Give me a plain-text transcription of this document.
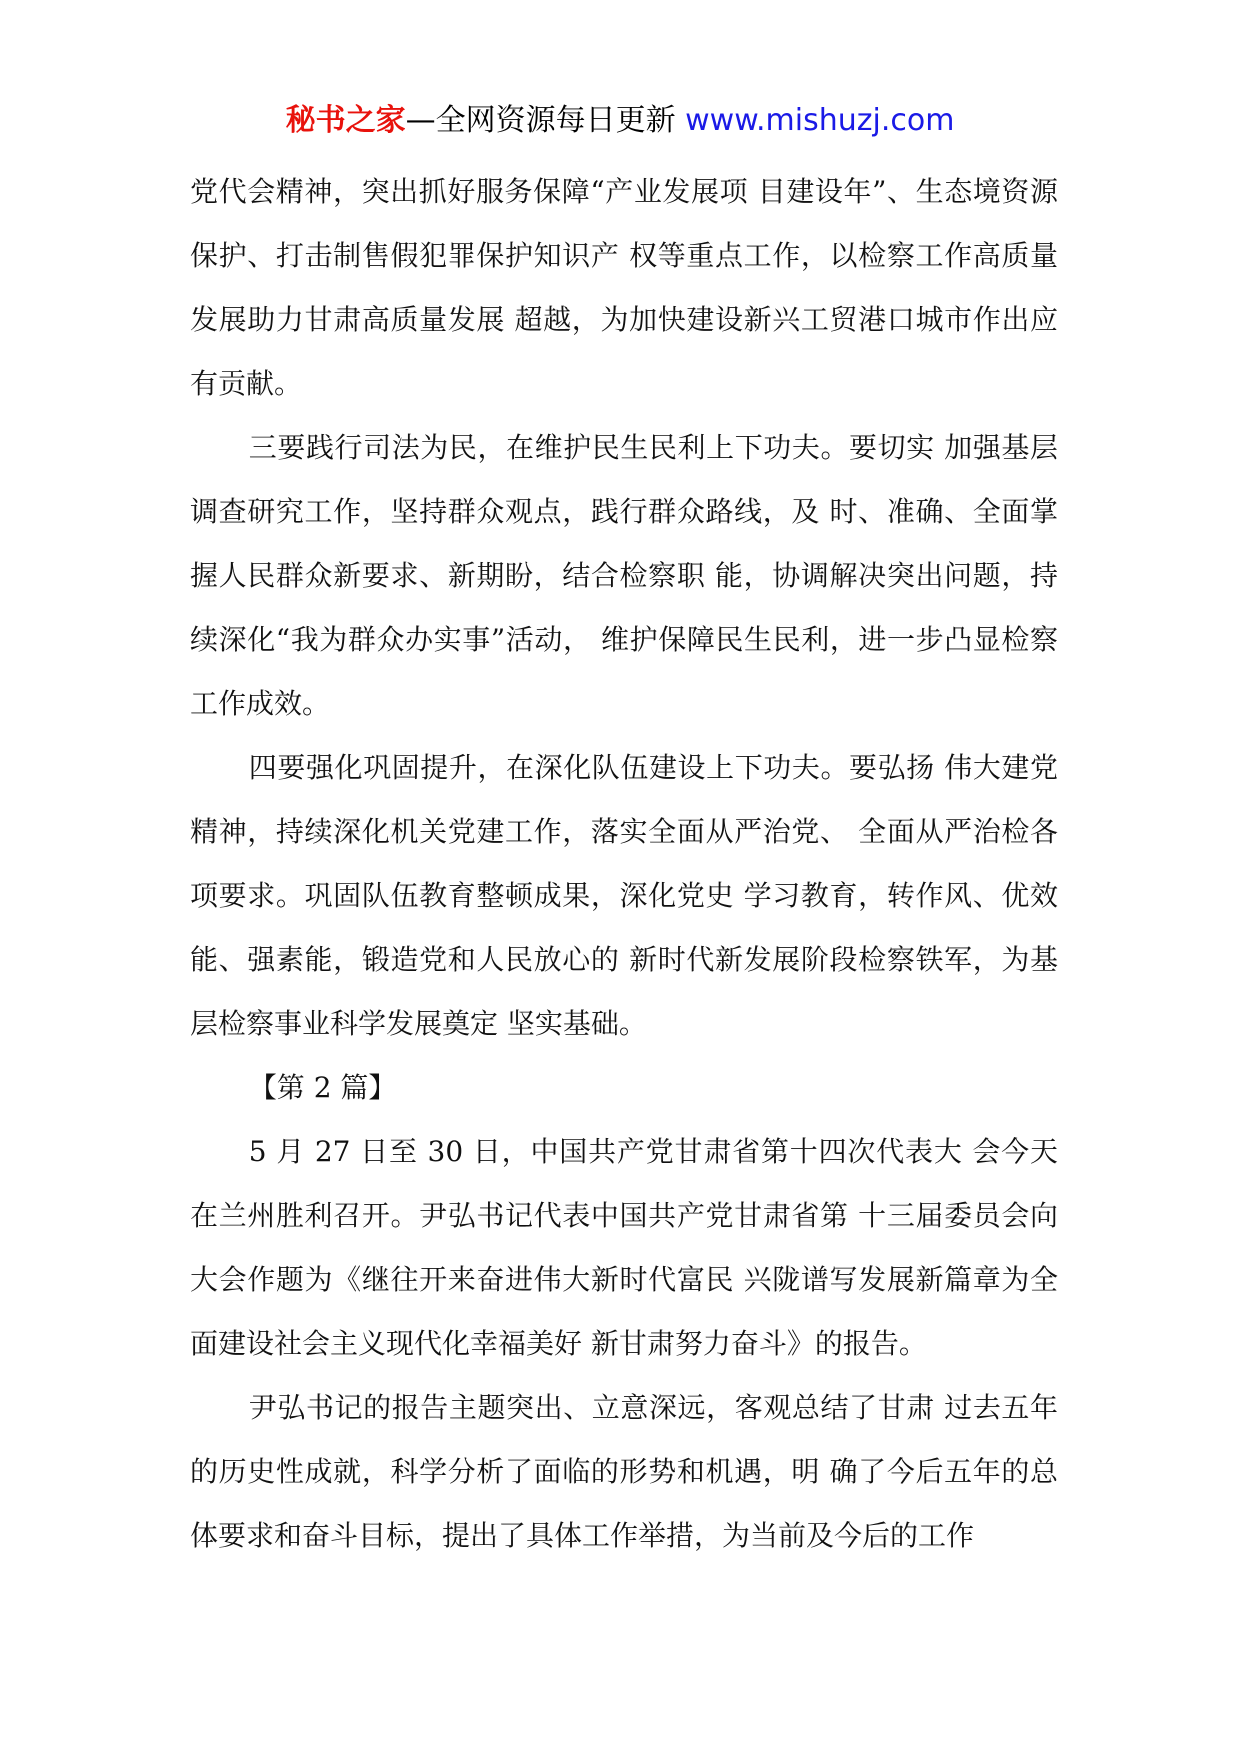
秘书之家—全网资源每日更新 www.mishuzj.com

党代会精神，突出抓好服务保障“产业发展项 目建设年”、生态境资源保护、打击制售假犯罪保护知识产 权等重点工作，以检察工作高质量发展助力甘肃高质量发展 超越，为加快建设新兴工贸港口城市作出应有贡献。

三要践行司法为民，在维护民生民利上下功夫。要切实 加强基层调查研究工作，坚持群众观点，践行群众路线，及 时、准确、全面掌握人民群众新要求、新期盼，结合检察职 能，协调解决突出问题，持续深化“我为群众办实事”活动， 维护保障民生民利，进一步凸显检察工作成效。

四要强化巩固提升，在深化队伍建设上下功夫。要弘扬 伟大建党精神，持续深化机关党建工作，落实全面从严治党、 全面从严治检各项要求。巩固队伍教育整顿成果，深化党史 学习教育，转作风、优效能、强素能，锻造党和人民放心的 新时代新发展阶段检察铁军，为基层检察事业科学发展奠定 坚实基础。

【第 2 篇】

5 月 27 日至 30 日，中国共产党甘肃省第十四次代表大 会今天在兰州胜利召开。尹弘书记代表中国共产党甘肃省第 十三届委员会向大会作题为《继往开来奋进伟大新时代富民 兴陇谱写发展新篇章为全面建设社会主义现代化幸福美好 新甘肃努力奋斗》的报告。

尹弘书记的报告主题突出、立意深远，客观总结了甘肃 过去五年的历史性成就，科学分析了面临的形势和机遇，明 确了今后五年的总体要求和奋斗目标，提出了具体工作举措，为当前及今后的工作
